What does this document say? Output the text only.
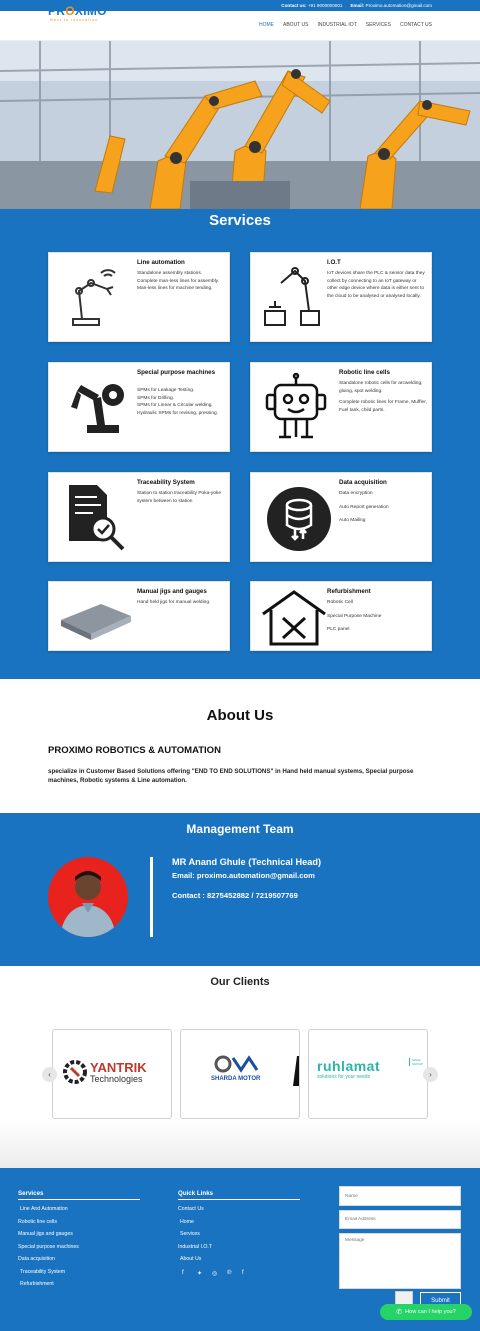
Contact us: +91 9000000001 Email: Proximo.automation@gmail.com
PROXIMO
Next to innovation
HOME ABOUT US INDUSTRIAL IOT SERVICES CONTACT US
Services
Line automation
Standalone assembly stations.
Complete man-less lines for assembly. Man-less lines for machine tending.
I.O.T
IoT devices share the PLC & sensor data they collect by connecting to an IoT gateway or other edge device where data is either sent to the cloud to be analysed or analysed locally.
Special purpose machines
SPMs for Leakage Testing.
SPMs for Drilling.
SPMs for Linear & Circular welding.
Hydraulic SPMs for revising, pressing.
Robotic line cells
Standalone robotic cells for arcwelding, gluing, spot welding.
Complete robotic lines for Frame, Muffler, Fuel tank, child parts.
Traceability System
Station to station traceability Poka-yoke system between to station
Data acquisition
Data encryption
Auto Report generation
Auto Mailing
Manual jigs and gauges
Hand held jigs for manual welding.
Refurbishment
Robotic Cell
Special Purpose Machine
PLC panel
About Us
PROXIMO ROBOTICS & AUTOMATION
specialize in Customer Based Solutions offering "END TO END SOLUTIONS" in Hand held manual systems, Special purpose machines, Robotic systems & Line automation.
Management Team
MR Anand Ghule (Technical Head)
Email: proximo.automation@gmail.com
Contact : 8275452882 / 7219507769
Our Clients
YANTRIK
Technologies	SHARDA MOTOR
ruhlamat
solutions for your needs
MAKE GROUP
‹	›
Services
Line And Automation
Robotic line cells
Manual jigs and gauges
Special purpose machines
Data acquisition
Traceability System
Refurbishment
Quick Links
Contact Us
Home
Services
Industrial I.O.T
About Us
f ✦ ◎ ℗ f
Name
Email Address
Message
Submit
✆ How can I help you?
